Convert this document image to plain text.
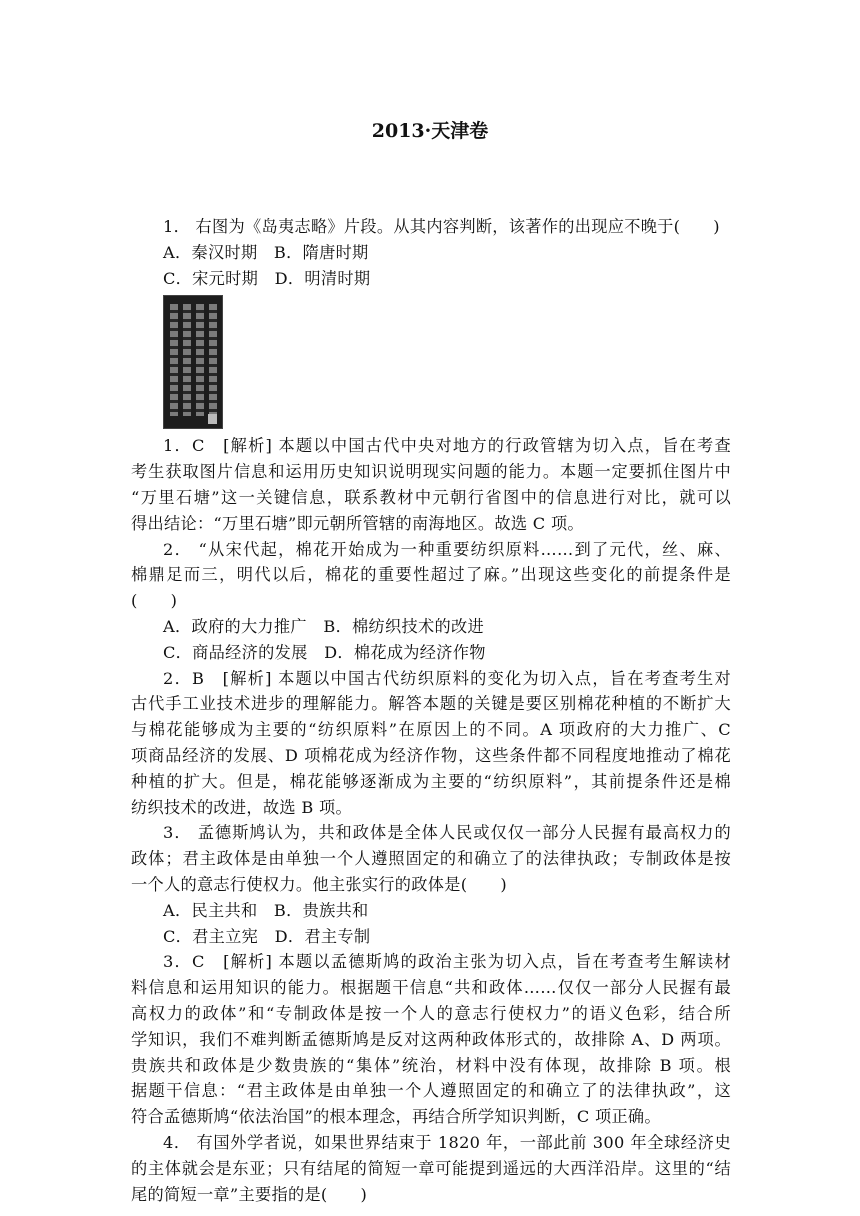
2013·天津卷
1． 右图为《岛夷志略》片段。从其内容判断，该著作的出现应不晚于(　　)
A．秦汉时期　B．隋唐时期
C．宋元时期　D．明清时期
1．C　[解析] 本题以中国古代中央对地方的行政管辖为切入点，旨在考查
考生获取图片信息和运用历史知识说明现实问题的能力。本题一定要抓住图片中
“万里石塘”这一关键信息，联系教材中元朝行省图中的信息进行对比，就可以
得出结论：“万里石塘”即元朝所管辖的南海地区。故选 C 项。
2． “从宋代起，棉花开始成为一种重要纺织原料……到了元代，丝、麻、
棉鼎足而三，明代以后，棉花的重要性超过了麻。”出现这些变化的前提条件是
(　　)
A．政府的大力推广　B．棉纺织技术的改进
C．商品经济的发展　D．棉花成为经济作物
2．B　[解析] 本题以中国古代纺织原料的变化为切入点，旨在考查考生对
古代手工业技术进步的理解能力。解答本题的关键是要区别棉花种植的不断扩大
与棉花能够成为主要的“纺织原料”在原因上的不同。A 项政府的大力推广、C
项商品经济的发展、D 项棉花成为经济作物，这些条件都不同程度地推动了棉花
种植的扩大。但是，棉花能够逐渐成为主要的“纺织原料”，其前提条件还是棉
纺织技术的改进，故选 B 项。
3． 孟德斯鸠认为，共和政体是全体人民或仅仅一部分人民握有最高权力的
政体；君主政体是由单独一个人遵照固定的和确立了的法律执政；专制政体是按
一个人的意志行使权力。他主张实行的政体是(　　)
A．民主共和　B．贵族共和
C．君主立宪　D．君主专制
3．C　[解析] 本题以孟德斯鸠的政治主张为切入点，旨在考查考生解读材
料信息和运用知识的能力。根据题干信息“共和政体……仅仅一部分人民握有最
高权力的政体”和“专制政体是按一个人的意志行使权力”的语义色彩，结合所
学知识，我们不难判断孟德斯鸠是反对这两种政体形式的，故排除 A、D 两项。
贵族共和政体是少数贵族的“集体”统治，材料中没有体现，故排除 B 项。根
据题干信息：“君主政体是由单独一个人遵照固定的和确立了的法律执政”，这
符合孟德斯鸠“依法治国”的根本理念，再结合所学知识判断，C 项正确。
4． 有国外学者说，如果世界结束于 1820 年，一部此前 300 年全球经济史
的主体就会是东亚；只有结尾的简短一章可能提到遥远的大西洋沿岸。这里的“结
尾的简短一章”主要指的是(　　)
